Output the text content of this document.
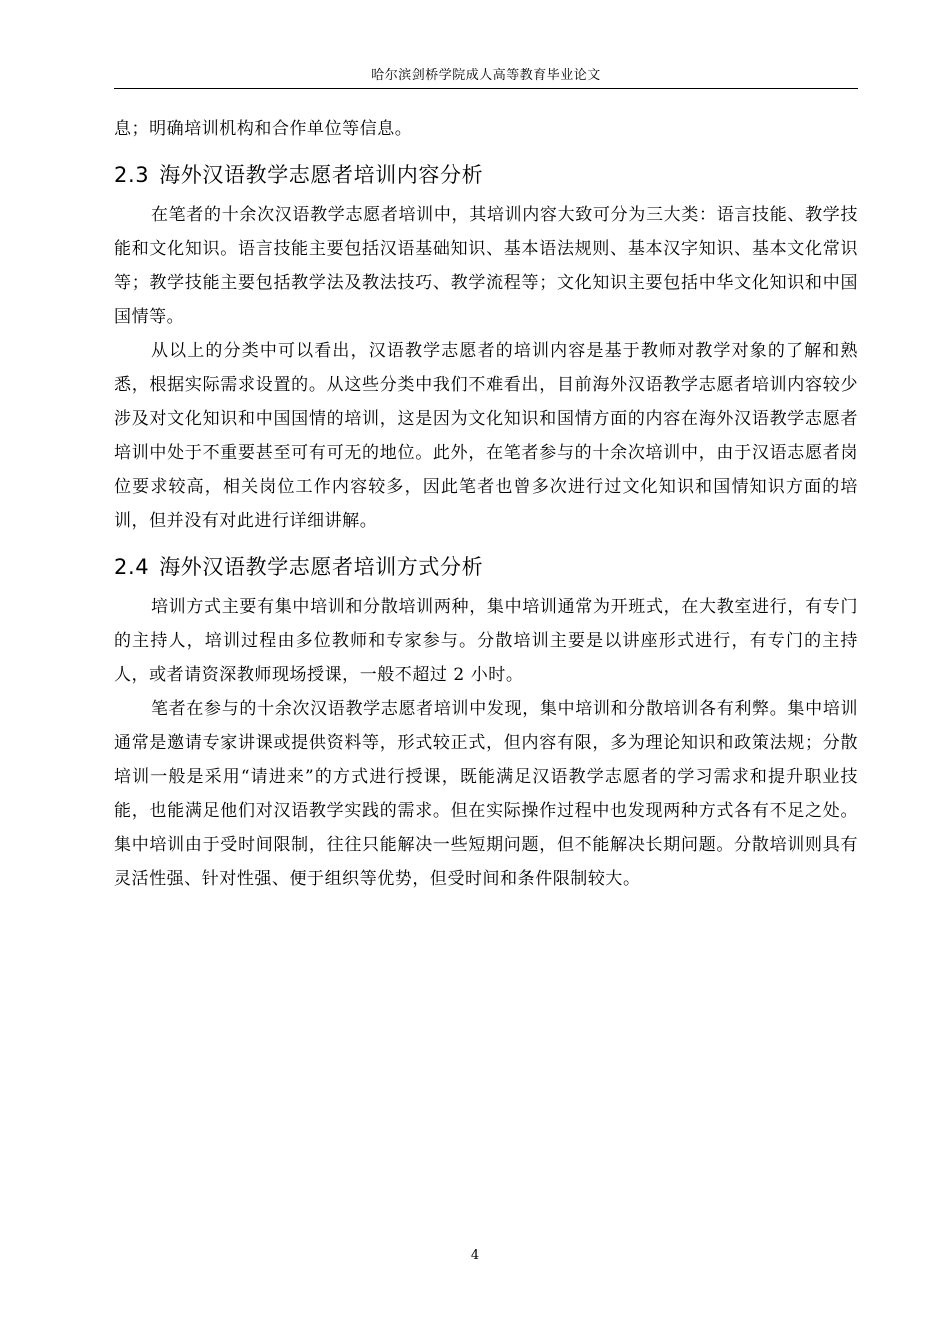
哈尔滨剑桥学院成人高等教育毕业论文

息；明确培训机构和合作单位等信息。

2.3 海外汉语教学志愿者培训内容分析

在笔者的十余次汉语教学志愿者培训中，其培训内容大致可分为三大类：语言技能、教学技能和文化知识。语言技能主要包括汉语基础知识、基本语法规则、基本汉字知识、基本文化常识等；教学技能主要包括教学法及教法技巧、教学流程等；文化知识主要包括中华文化知识和中国国情等。

从以上的分类中可以看出，汉语教学志愿者的培训内容是基于教师对教学对象的了解和熟悉，根据实际需求设置的。从这些分类中我们不难看出，目前海外汉语教学志愿者培训内容较少涉及对文化知识和中国国情的培训，这是因为文化知识和国情方面的内容在海外汉语教学志愿者培训中处于不重要甚至可有可无的地位。此外，在笔者参与的十余次培训中，由于汉语志愿者岗位要求较高，相关岗位工作内容较多，因此笔者也曾多次进行过文化知识和国情知识方面的培训，但并没有对此进行详细讲解。

2.4 海外汉语教学志愿者培训方式分析

培训方式主要有集中培训和分散培训两种，集中培训通常为开班式，在大教室进行，有专门的主持人，培训过程由多位教师和专家参与。分散培训主要是以讲座形式进行，有专门的主持人，或者请资深教师现场授课，一般不超过 2 小时。

笔者在参与的十余次汉语教学志愿者培训中发现，集中培训和分散培训各有利弊。集中培训通常是邀请专家讲课或提供资料等，形式较正式，但内容有限，多为理论知识和政策法规；分散培训一般是采用“请进来”的方式进行授课，既能满足汉语教学志愿者的学习需求和提升职业技能，也能满足他们对汉语教学实践的需求。但在实际操作过程中也发现两种方式各有不足之处。集中培训由于受时间限制，往往只能解决一些短期问题，但不能解决长期问题。分散培训则具有灵活性强、针对性强、便于组织等优势，但受时间和条件限制较大。

4
